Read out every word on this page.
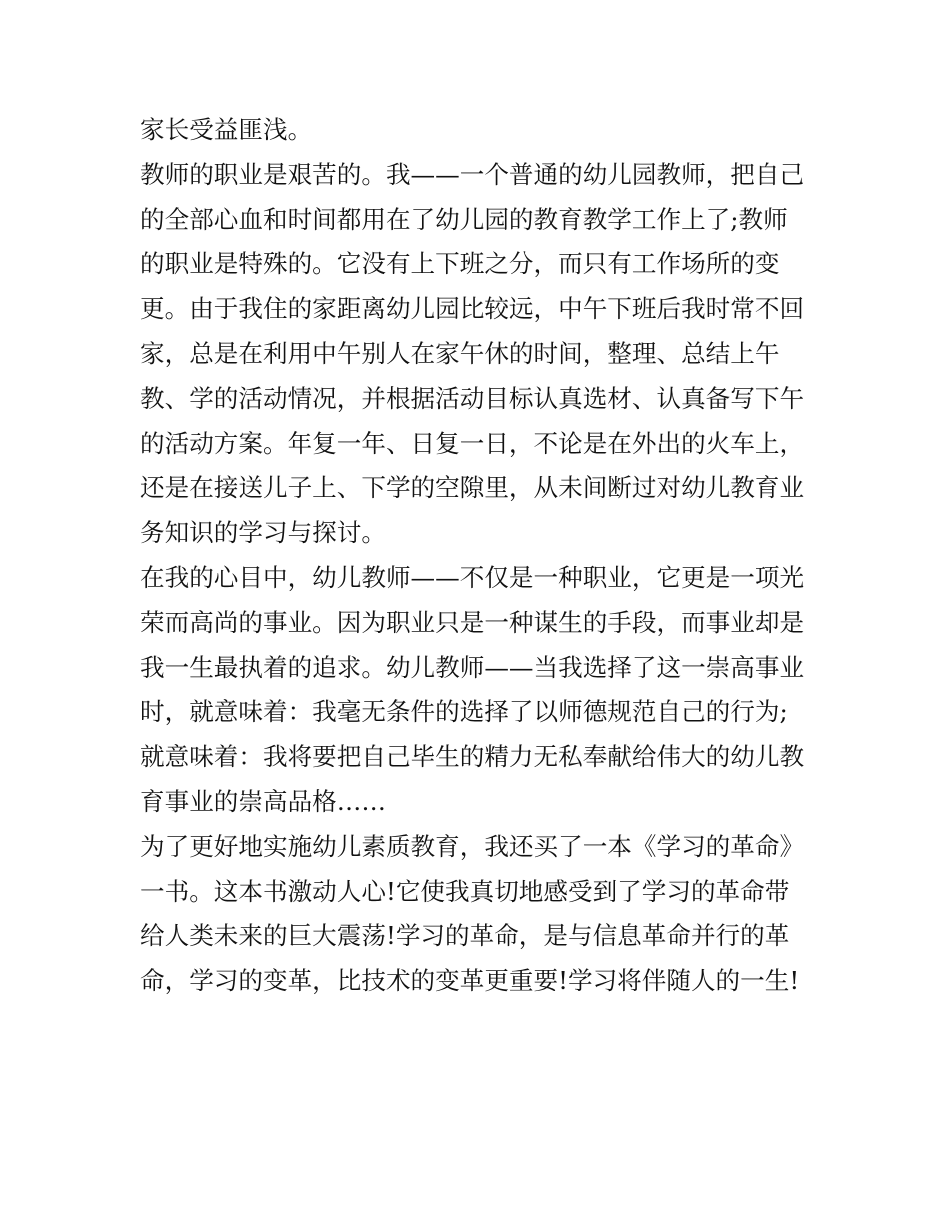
家长受益匪浅。
教师的职业是艰苦的。我——一个普通的幼儿园教师，把自己
的全部心血和时间都用在了幼儿园的教育教学工作上了;教师
的职业是特殊的。它没有上下班之分，而只有工作场所的变
更。由于我住的家距离幼儿园比较远，中午下班后我时常不回
家，总是在利用中午别人在家午休的时间，整理、总结上午
教、学的活动情况，并根据活动目标认真选材、认真备写下午
的活动方案。年复一年、日复一日，不论是在外出的火车上，
还是在接送儿子上、下学的空隙里，从未间断过对幼儿教育业
务知识的学习与探讨。
在我的心目中，幼儿教师——不仅是一种职业，它更是一项光
荣而高尚的事业。因为职业只是一种谋生的手段，而事业却是
我一生最执着的追求。幼儿教师——当我选择了这一崇高事业
时，就意味着：我毫无条件的选择了以师德规范自己的行为;
就意味着：我将要把自己毕生的精力无私奉献给伟大的幼儿教
育事业的崇高品格……
为了更好地实施幼儿素质教育，我还买了一本《学习的革命》
一书。这本书激动人心!它使我真切地感受到了学习的革命带
给人类未来的巨大震荡!学习的革命，是与信息革命并行的革
命，学习的变革，比技术的变革更重要!学习将伴随人的一生!
